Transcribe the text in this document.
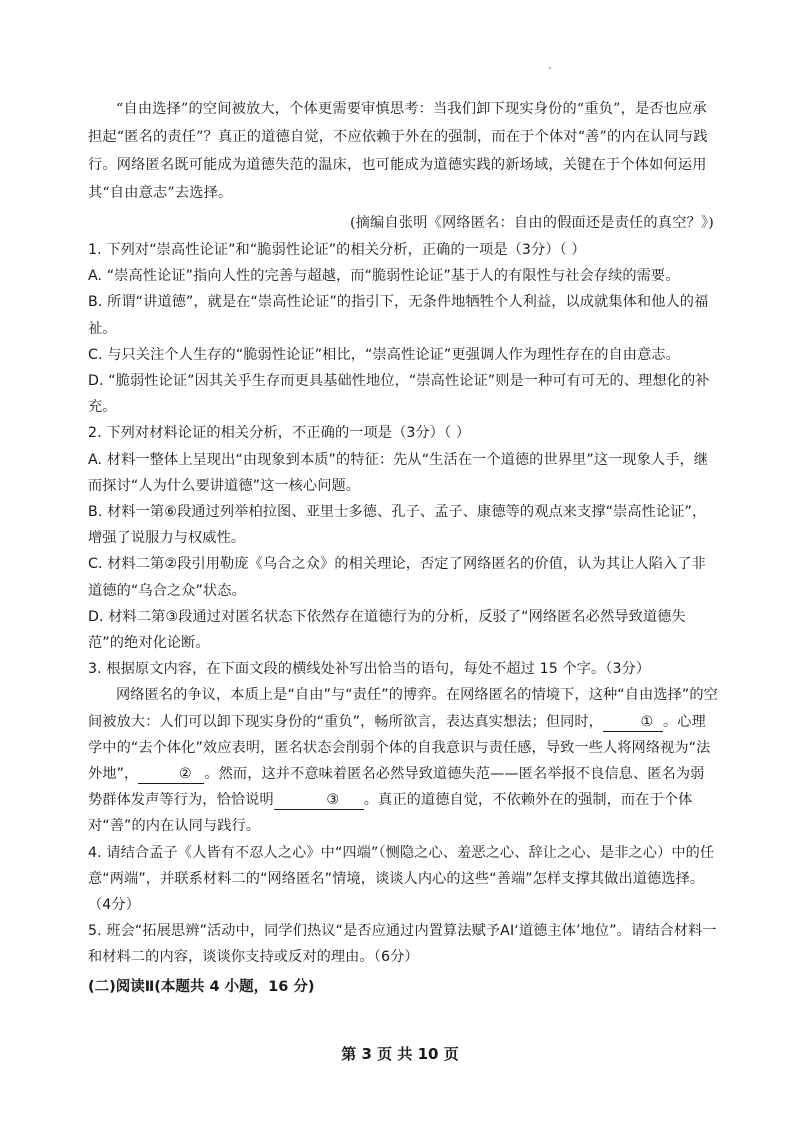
“自由选择”的空间被放大，个体更需要审慎思考：当我们卸下现实身份的“重负”，是否也应承担起“匿名的责任”？真正的道德自觉，不应依赖于外在的强制，而在于个体对“善”的内在认同与践行。网络匿名既可能成为道德失范的温床，也可能成为道德实践的新场域，关键在于个体如何运用其“自由意志”去选择。

(摘编自张明《网络匿名：自由的假面还是责任的真空？》)

1. 下列对“崇高性论证”和“脆弱性论证”的相关分析，正确的一项是（3分）（ ）

A. “崇高性论证”指向人性的完善与超越，而“脆弱性论证”基于人的有限性与社会存续的需要。

B. 所谓“讲道德”，就是在“崇高性论证”的指引下，无条件地牺牲个人利益，以成就集体和他人的福祉。

C. 与只关注个人生存的“脆弱性论证”相比，“崇高性论证”更强调人作为理性存在的自由意志。

D. “脆弱性论证”因其关乎生存而更具基础性地位，“崇高性论证”则是一种可有可无的、理想化的补充。

2. 下列对材料论证的相关分析，不正确的一项是（3分）（ ）

A. 材料一整体上呈现出“由现象到本质”的特征：先从“生活在一个道德的世界里”这一现象人手，继而探讨“人为什么要讲道德”这一核心问题。

B. 材料一第⑥段通过列举柏拉图、亚里士多德、孔子、孟子、康德等的观点来支撑“崇高性论证”，增强了说服力与权威性。

C. 材料二第②段引用勒庞《乌合之众》的相关理论，否定了网络匿名的价值，认为其让人陷入了非道德的“乌合之众”状态。

D. 材料二第③段通过对匿名状态下依然存在道德行为的分析，反驳了“网络匿名必然导致道德失范”的绝对化论断。

3. 根据原文内容，在下面文段的横线处补写出恰当的语句，每处不超过 15 个字。（3分）

网络匿名的争议，本质上是“自由”与“责任”的博弈。在网络匿名的情境下，这种“自由选择”的空间被放大：人们可以卸下现实身份的“重负”，畅所欲言，表达真实想法；但同时，	① 。心理学中的“去个体化”效应表明，匿名状态会削弱个体的自我意识与责任感，导致一些人将网络视为“法外地”，	② 。然而，这并不意味着匿名必然导致道德失范——匿名举报不良信息、匿名为弱势群体发声等行为，恰恰说明	③ 。真正的道德自觉，不依赖外在的强制，而在于个体对“善”的内在认同与践行。

4. 请结合孟子《人皆有不忍人之心》中“四端”（恻隐之心、羞恶之心、辞让之心、是非之心）中的任意“两端”，并联系材料二的“网络匿名”情境，谈谈人内心的这些“善端”怎样支撑其做出道德选择。（4分）

5. 班会“拓展思辨”活动中，同学们热议“是否应通过内置算法赋予AI‘道德主体’地位”。请结合材料一和材料二的内容，谈谈你支持或反对的理由。（6分）

(二)阅读Ⅱ(本题共 4 小题，16 分)

第 3 页 共 10 页
